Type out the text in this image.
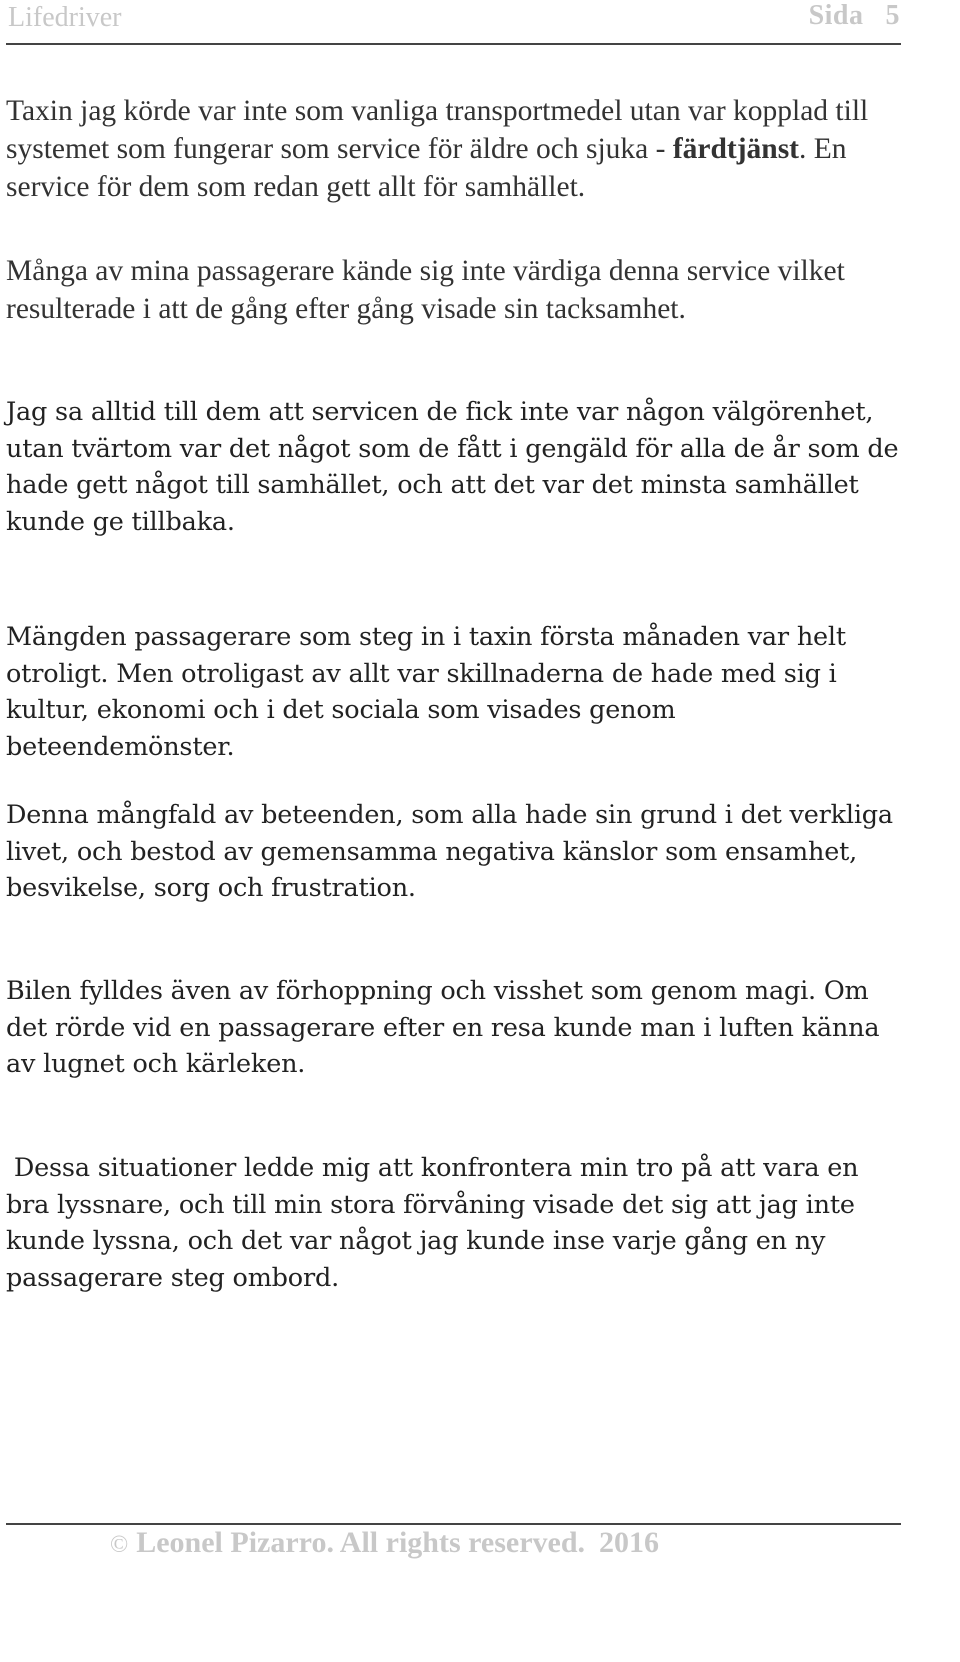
Lifedriver	Sida 5

Taxin jag körde var inte som vanliga transportmedel utan var kopplad till systemet som fungerar som service för äldre och sjuka - färdtjänst. En service för dem som redan gett allt för samhället.

Många av mina passagerare kände sig inte värdiga denna service vilket resulterade i att de gång efter gång visade sin tacksamhet.

Jag sa alltid till dem att servicen de fick inte var någon välgörenhet, utan tvärtom var det något som de fått i gengäld för alla de år som de hade gett något till samhället, och att det var det minsta samhället kunde ge tillbaka.

Mängden passagerare som steg in i taxin första månaden var helt otroligt. Men otroligast av allt var skillnaderna de hade med sig i kultur, ekonomi och i det sociala som visades genom beteendemönster.

Denna mångfald av beteenden, som alla hade sin grund i det verkliga livet, och bestod av gemensamma negativa känslor som ensamhet, besvikelse, sorg och frustration.

Bilen fylldes även av förhoppning och visshet som genom magi. Om det rörde vid en passagerare efter en resa kunde man i luften känna av lugnet och kärleken.

Dessa situationer ledde mig att konfrontera min tro på att vara en bra lyssnare, och till min stora förvåning visade det sig att jag inte kunde lyssna, och det var något jag kunde inse varje gång en ny passagerare steg ombord.

© Leonel Pizarro. All rights reserved. 2016
